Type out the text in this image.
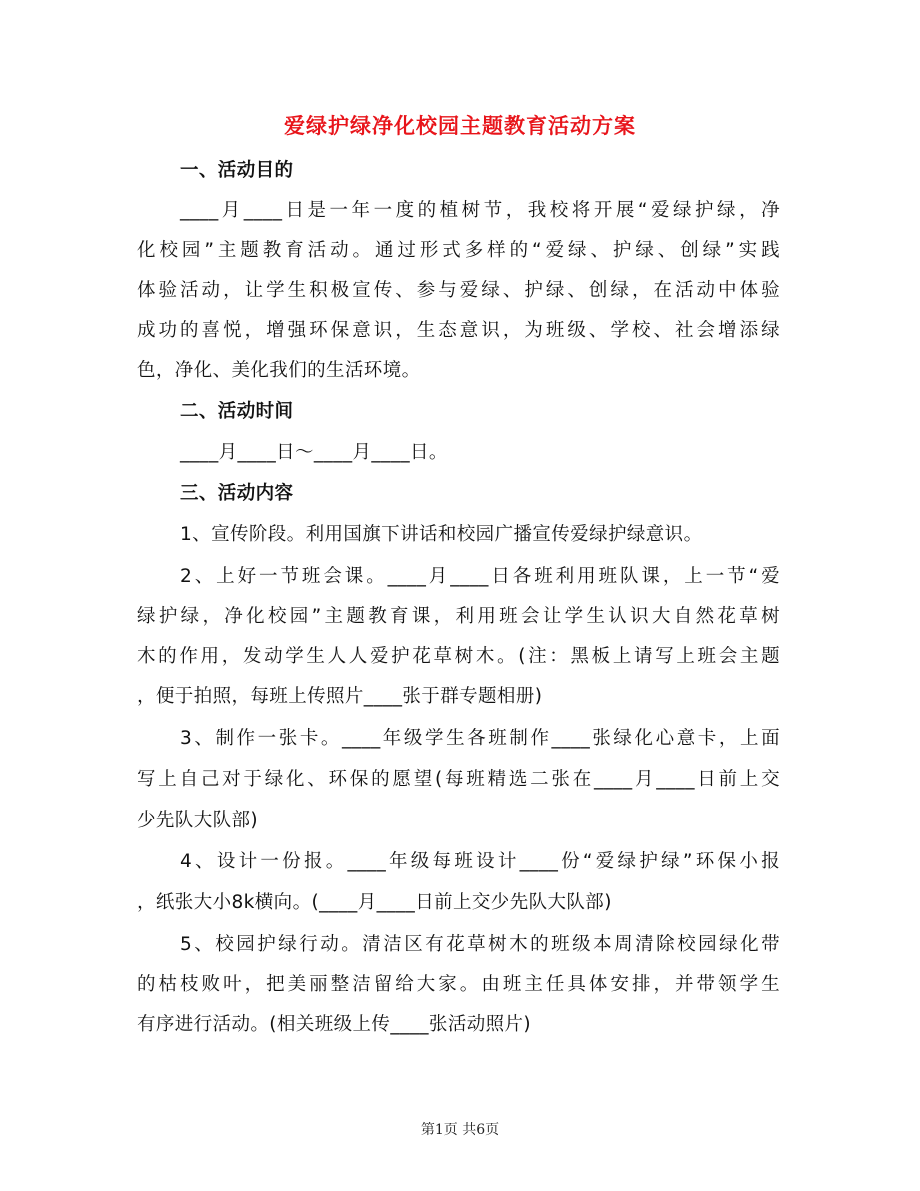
爱绿护绿净化校园主题教育活动方案
一、活动目的
____月____日是一年一度的植树节，我校将开展“爱绿护绿，净
化校园”主题教育活动。通过形式多样的“爱绿、护绿、创绿”实践
体验活动，让学生积极宣传、参与爱绿、护绿、创绿，在活动中体验
成功的喜悦，增强环保意识，生态意识，为班级、学校、社会增添绿
色，净化、美化我们的生活环境。
二、活动时间
____月____日～____月____日。
三、活动内容
1、宣传阶段。利用国旗下讲话和校园广播宣传爱绿护绿意识。
2、上好一节班会课。____月____日各班利用班队课，上一节“爱
绿护绿，净化校园”主题教育课，利用班会让学生认识大自然花草树
木的作用，发动学生人人爱护花草树木。(注：黑板上请写上班会主题
，便于拍照，每班上传照片____张于群专题相册)
3、制作一张卡。____年级学生各班制作____张绿化心意卡，上面
写上自己对于绿化、环保的愿望(每班精选二张在____月____日前上交
少先队大队部)
4、设计一份报。____年级每班设计____份“爱绿护绿”环保小报
，纸张大小8k横向。(____月____日前上交少先队大队部)
5、校园护绿行动。清洁区有花草树木的班级本周清除校园绿化带
的枯枝败叶，把美丽整洁留给大家。由班主任具体安排，并带领学生
有序进行活动。(相关班级上传____张活动照片)
第1页 共6页
